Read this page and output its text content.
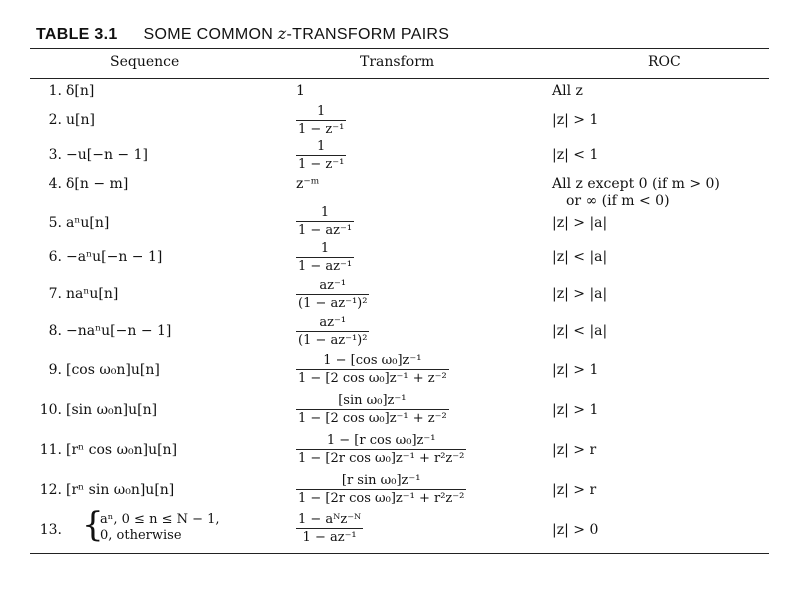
TABLE 3.1 SOME COMMON z-TRANSFORM PAIRS
Sequence	Transform	ROC
1. δ[n]	1	All z
2. u[n]	$\frac{1}{\text{1 − z⁻¹}}$	|z| > 1
3. −u[−n − 1]	$\frac{1}{\text{1 − z⁻¹}}$	|z| < 1
4. δ[n − m]	z⁻ᵐ	All z except 0 (if m > 0)
or ∞ (if m < 0)
5. aⁿu[n]	$\frac{1}{\text{1 − az⁻¹}}$	|z| > |a|
6. −aⁿu[−n − 1]	$\frac{1}{\text{1 − az⁻¹}}$	|z| < |a|
7. naⁿu[n]	$\frac{\text{az⁻¹}}{\text{(1 − az⁻¹)²}}$	|z| > |a|
8. −naⁿu[−n − 1]	$\frac{\text{az⁻¹}}{\text{(1 − az⁻¹)²}}$	|z| < |a|
9. [cos ω₀n]u[n]	$\frac{\text{1 − [cos ω₀]z⁻¹}}{\text{1 − [2 cos ω₀]z⁻¹ + z⁻²}}$	|z| > 1
10. [sin ω₀n]u[n]	$\frac{\text{[sin ω₀]z⁻¹}}{\text{1 − [2 cos ω₀]z⁻¹ + z⁻²}}$	|z| > 1
11. [rⁿ cos ω₀n]u[n]	$\frac{\text{1 − [r cos ω₀]z⁻¹}}{\text{1 − [2r cos ω₀]z⁻¹ + r²z⁻²}}$	|z| > r
12. [rⁿ sin ω₀n]u[n]	$\frac{\text{[r sin ω₀]z⁻¹}}{\text{1 − [2r cos ω₀]z⁻¹ + r²z⁻²}}$	|z| > r
13. {
aⁿ, 0 ≤ n ≤ N − 1,
0, otherwise	$\frac{\text{1 − aᴺz⁻ᴺ}}{\text{1 − az⁻¹}}$	|z| > 0
